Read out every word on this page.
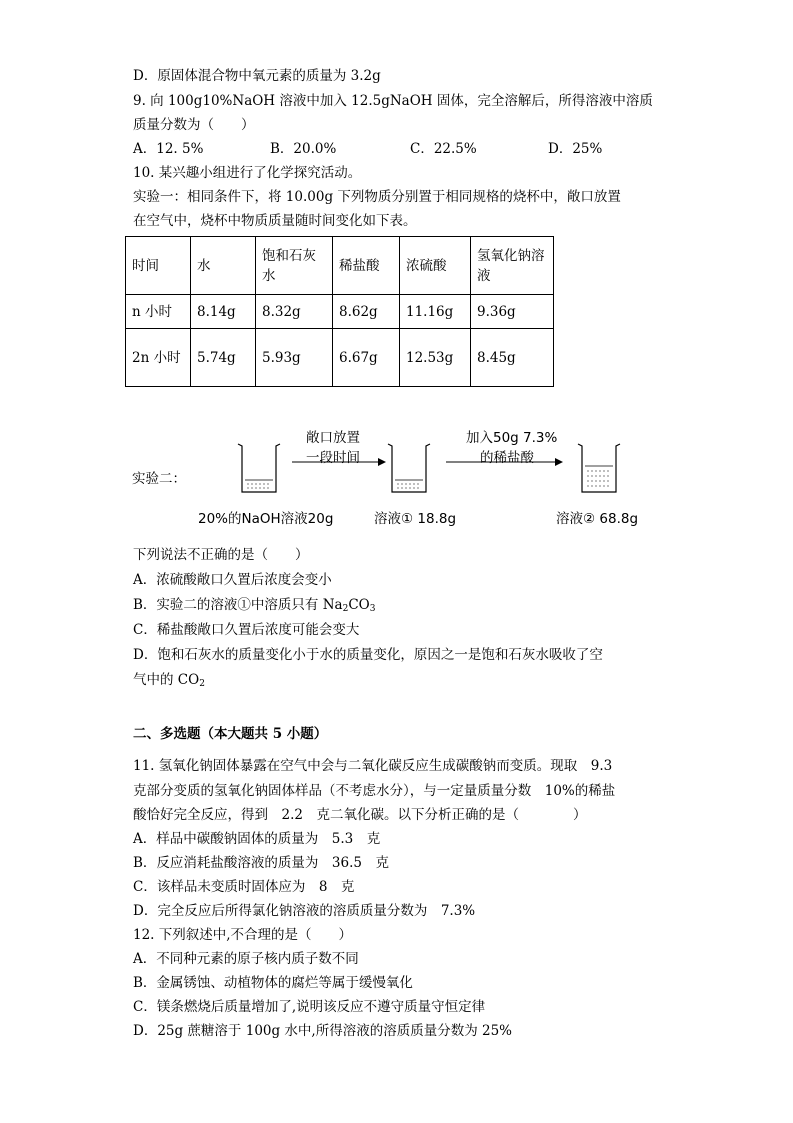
D．原固体混合物中氧元素的质量为 3.2g
9. 向 100g10%NaOH 溶液中加入 12.5gNaOH 固体，完全溶解后，所得溶液中溶质
质量分数为（　　）
A．12. 5%	B．20.0%	C．22.5%	D．25%
10. 某兴趣小组进行了化学探究活动。
实验一：相同条件下，将 10.00g 下列物质分别置于相同规格的烧杯中，敞口放置
在空气中，烧杯中物质质量随时间变化如下表。
时间	水	饱和石灰水	稀盐酸	浓硫酸	氢氧化钠溶液
n 小时	8.14g	8.32g	8.62g	11.16g	9.36g
2n 小时	5.74g	5.93g	6.67g	12.53g	8.45g
实验二：
敞口放置
一段时间
加入50g 7.3%
的稀盐酸
20%的NaOH溶液20g	溶液① 18.8g	溶液② 68.8g
下列说法不正确的是（　　）
A．浓硫酸敞口久置后浓度会变小
B．实验二的溶液①中溶质只有 $Na_2CO_3$
C．稀盐酸敞口久置后浓度可能会变大
D．饱和石灰水的质量变化小于水的质量变化，原因之一是饱和石灰水吸收了空
气中的 $CO_2$
二、多选题（本大题共 5 小题）
11. 氢氧化钠固体暴露在空气中会与二氧化碳反应生成碳酸钠而变质。现取　9.3
克部分变质的氢氧化钠固体样品（不考虑水分），与一定量质量分数　10%的稀盐
酸恰好完全反应，得到　2.2　克二氧化碳。以下分析正确的是（　　　　）
A．样品中碳酸钠固体的质量为　5.3　克
B．反应消耗盐酸溶液的质量为　36.5　克
C．该样品未变质时固体应为　8　克
D．完全反应后所得氯化钠溶液的溶质质量分数为　7.3%
12. 下列叙述中,不合理的是（　　）
A．不同种元素的原子核内质子数不同
B．金属锈蚀、动植物体的腐烂等属于缓慢氧化
C．镁条燃烧后质量增加了,说明该反应不遵守质量守恒定律
D．25g 蔗糖溶于 100g 水中,所得溶液的溶质质量分数为 25%
